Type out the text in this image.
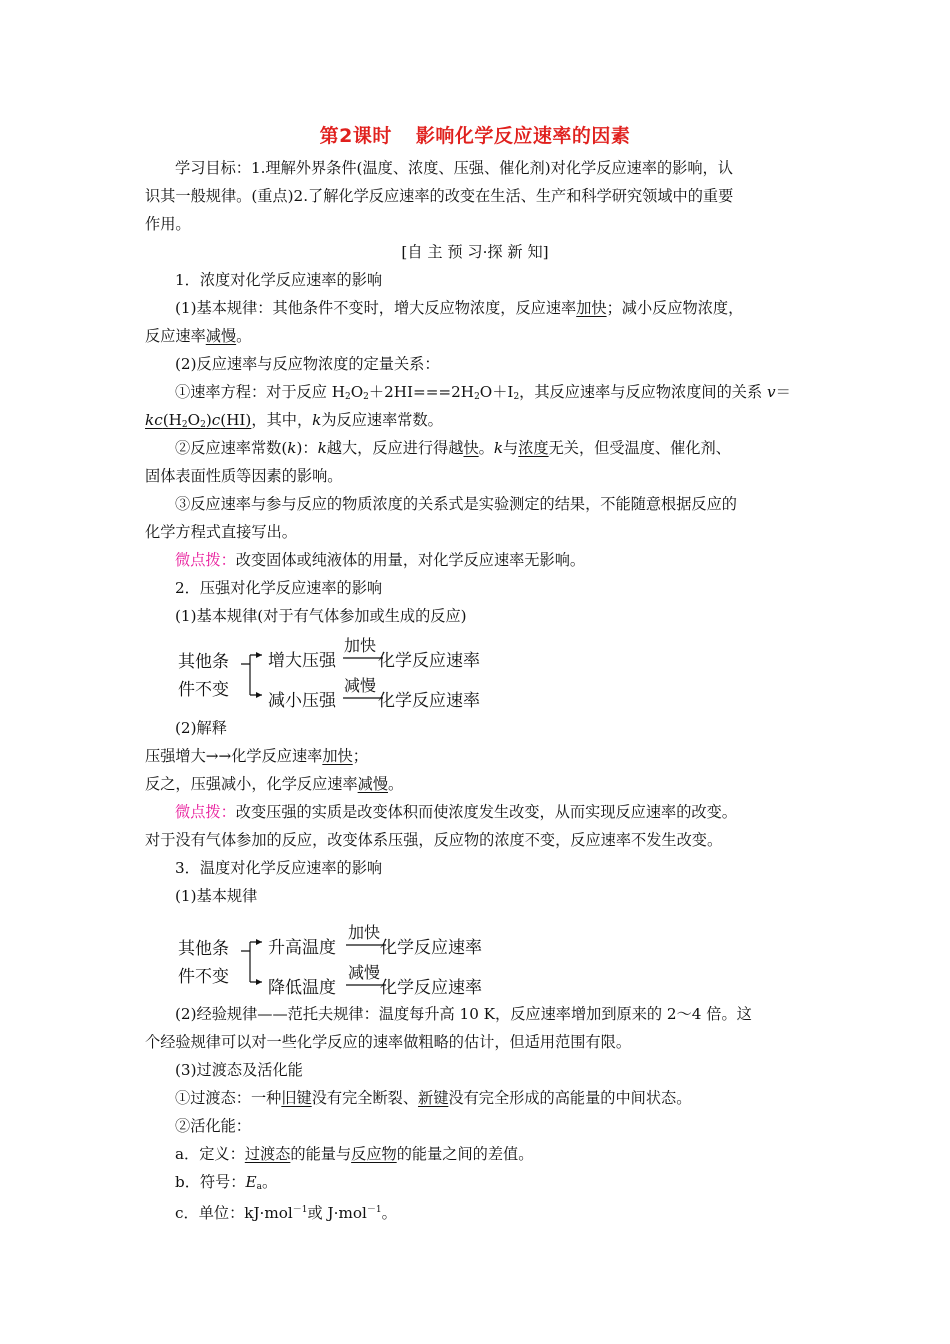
第2课时 影响化学反应速率的因素
学习目标：1.理解外界条件(温度、浓度、压强、催化剂)对化学反应速率的影响，认
识其一般规律。(重点)2.了解化学反应速率的改变在生活、生产和科学研究领域中的重要
作用。
[自 主 预 习·探 新 知]
1．浓度对化学反应速率的影响
(1)基本规律：其他条件不变时，增大反应物浓度，反应速率加快；减小反应物浓度，
反应速率减慢。
(2)反应速率与反应物浓度的定量关系：
①速率方程：对于反应 $H_2O_2+2HI===2H_2O+I_2$，其反应速率与反应物浓度间的关系 v＝
$kc(H_2O_2)c(HI)$，其中，k为反应速率常数。
②反应速率常数(k)：k越大，反应进行得越快。k与浓度无关，但受温度、催化剂、
固体表面性质等因素的影响。
③反应速率与参与反应的物质浓度的关系式是实验测定的结果，不能随意根据反应的
化学方程式直接写出。
微点拨：改变固体或纯液体的用量，对化学反应速率无影响。
2．压强对化学反应速率的影响
(1)基本规律(对于有气体参加或生成的反应)
其他条
件不变
增大压强 化学反应速率
加快
减小压强 化学反应速率
减慢
(2)解释
压强增大→→化学反应速率加快；
反之，压强减小，化学反应速率减慢。
微点拨：改变压强的实质是改变体积而使浓度发生改变，从而实现反应速率的改变。
对于没有气体参加的反应，改变体系压强，反应物的浓度不变，反应速率不发生改变。
3．温度对化学反应速率的影响
(1)基本规律
其他条
件不变
升高温度	化学反应速率
加快
降低温度	化学反应速率
减慢
(2)经验规律——范托夫规律：温度每升高 10 K，反应速率增加到原来的 2～4 倍。这
个经验规律可以对一些化学反应的速率做粗略的估计，但适用范围有限。
(3)过渡态及活化能
①过渡态：一种旧键没有完全断裂、新键没有完全形成的高能量的中间状态。
②活化能：
a．定义：过渡态的能量与反应物的能量之间的差值。
b．符号：$E_a$。
c．单位：kJ·mol$^{-1}$或 J·mol$^{-1}$。
